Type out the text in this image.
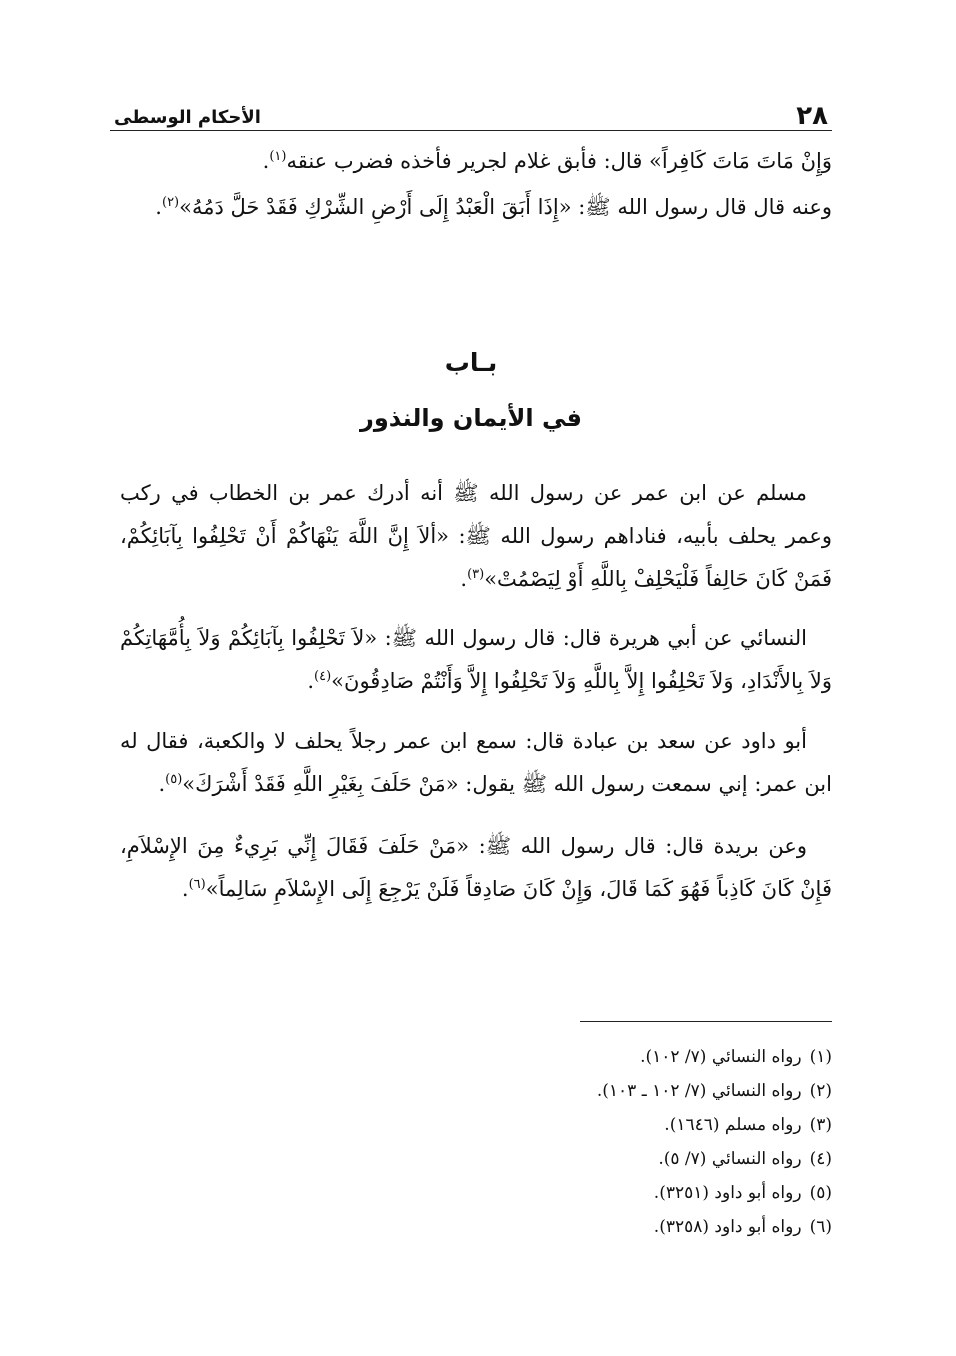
الأحكام الوسطى	٢٨

وَإِنْ مَاتَ مَاتَ كَافِراً» قال: فأبق غلام لجرير فأخذه فضرب عنقه$^{(١)}$.

وعنه قال قال رسول الله ﷺ: «إِذَا أَبَقَ الْعَبْدُ إِلَى أَرْضِ الشِّرْكِ فَقَدْ حَلَّ دَمُهُ»$^{(٢)}$.

بـاب
في الأيمان والنذور

مسلم عن ابن عمر عن رسول الله ﷺ أنه أدرك عمر بن الخطاب في ركب وعمر يحلف بأبيه، فناداهم رسول الله ﷺ: «ألاَ إِنَّ اللَّهَ يَنْهَاكُمْ أَنْ تَحْلِفُوا بِآبَائِكُمْ، فَمَنْ كَانَ حَالِفاً فَلْيَحْلِفْ بِاللَّهِ أَوْ لِيَصْمُتْ»$^{(٣)}$.

النسائي عن أبي هريرة قال: قال رسول الله ﷺ: «لاَ تَحْلِفُوا بِآبَائِكُمْ وَلاَ بِأُمَّهَاتِكُمْ وَلاَ بِالأَنْدَادِ، وَلاَ تَحْلِفُوا إِلاَّ بِاللَّهِ وَلاَ تَحْلِفُوا إِلاَّ وَأَنْتُمْ صَادِقُونَ»$^{(٤)}$.

أبو داود عن سعد بن عبادة قال: سمع ابن عمر رجلاً يحلف لا والكعبة، فقال له ابن عمر: إني سمعت رسول الله ﷺ يقول: «مَنْ حَلَفَ بِغَيْرِ اللَّهِ فَقَدْ أَشْرَكَ»$^{(٥)}$.

وعن بريدة قال: قال رسول الله ﷺ: «مَنْ حَلَفَ فَقَالَ إِنِّي بَرِيءٌ مِنَ الإِسْلاَمِ، فَإِنْ كَانَ كَاذِباً فَهُوَ كَمَا قَالَ، وَإِنْ كَانَ صَادِقاً فَلَنْ يَرْجِعَ إِلَى الإِسْلاَمِ سَالِماً»$^{(٦)}$.

(١)رواه النسائي (٧/ ١٠٢).
(٢)رواه النسائي (٧/ ١٠٢ ـ ١٠٣).
(٣)رواه مسلم (١٦٤٦).
(٤)رواه النسائي (٧/ ٥).
(٥)رواه أبو داود (٣٢٥١).
(٦)رواه أبو داود (٣٢٥٨).
